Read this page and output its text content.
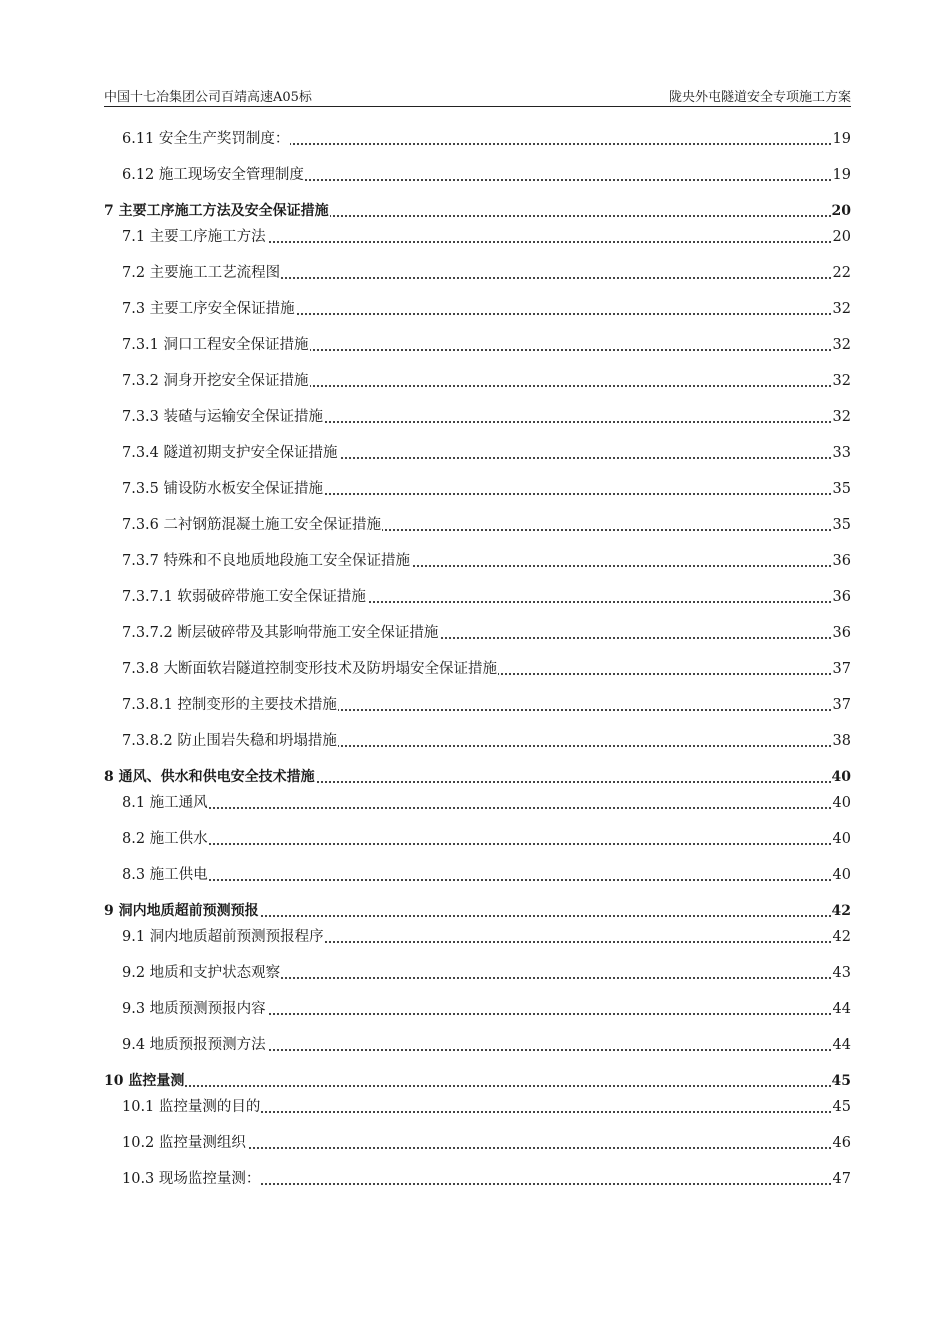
中国十七冶集团公司百靖高速A05标	陇央外屯隧道安全专项施工方案
6.11 安全生产奖罚制度：	19
6.12 施工现场安全管理制度	19
7 主要工序施工方法及安全保证措施	20
7.1 主要工序施工方法	20
7.2 主要施工工艺流程图	22
7.3 主要工序安全保证措施	32
7.3.1 洞口工程安全保证措施	32
7.3.2 洞身开挖安全保证措施	32
7.3.3 装碴与运输安全保证措施	32
7.3.4 隧道初期支护安全保证措施	33
7.3.5 铺设防水板安全保证措施	35
7.3.6 二衬钢筋混凝土施工安全保证措施	35
7.3.7 特殊和不良地质地段施工安全保证措施	36
7.3.7.1 软弱破碎带施工安全保证措施	36
7.3.7.2 断层破碎带及其影响带施工安全保证措施	36
7.3.8 大断面软岩隧道控制变形技术及防坍塌安全保证措施	37
7.3.8.1 控制变形的主要技术措施	37
7.3.8.2 防止围岩失稳和坍塌措施	38
8 通风、供水和供电安全技术措施	40
8.1 施工通风	40
8.2 施工供水	40
8.3 施工供电	40
9 洞内地质超前预测预报	42
9.1 洞内地质超前预测预报程序	42
9.2 地质和支护状态观察	43
9.3 地质预测预报内容	44
9.4 地质预报预测方法	44
10 监控量测	45
10.1 监控量测的目的	45
10.2 监控量测组织	46
10.3 现场监控量测：	47
